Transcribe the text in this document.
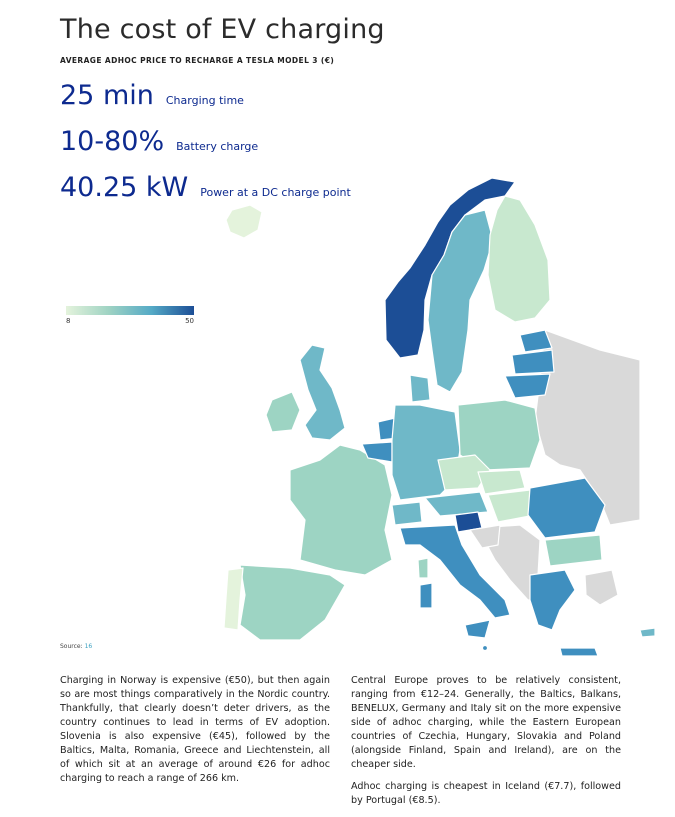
The cost of EV charging
AVERAGE ADHOC PRICE TO RECHARGE A TESLA MODEL 3 (€)
25 min Charging time
10-80% Battery charge
40.25 kW Power at a DC charge point
8	50
Source: 16

Charging in Norway is expensive (€50), but then again so are most things comparatively in the Nordic country. Thankfully, that clearly doesn’t deter drivers, as the country continues to lead in terms of EV adoption. Slovenia is also expensive (€45), followed by the Baltics, Malta, Romania, Greece and Liechtenstein, all of which sit at an average of around €26 for adhoc charging to reach a range of 266 km.

Central Europe proves to be relatively consistent, ranging from €12–24. Generally, the Baltics, Balkans, BENELUX, Germany and Italy sit on the more expensive side of adhoc charging, while the Eastern European countries of Czechia, Hungary, Slovakia and Poland (alongside Finland, Spain and Ireland), are on the cheaper side.

Adhoc charging is cheapest in Iceland (€7.7), followed by Portugal (€8.5).
